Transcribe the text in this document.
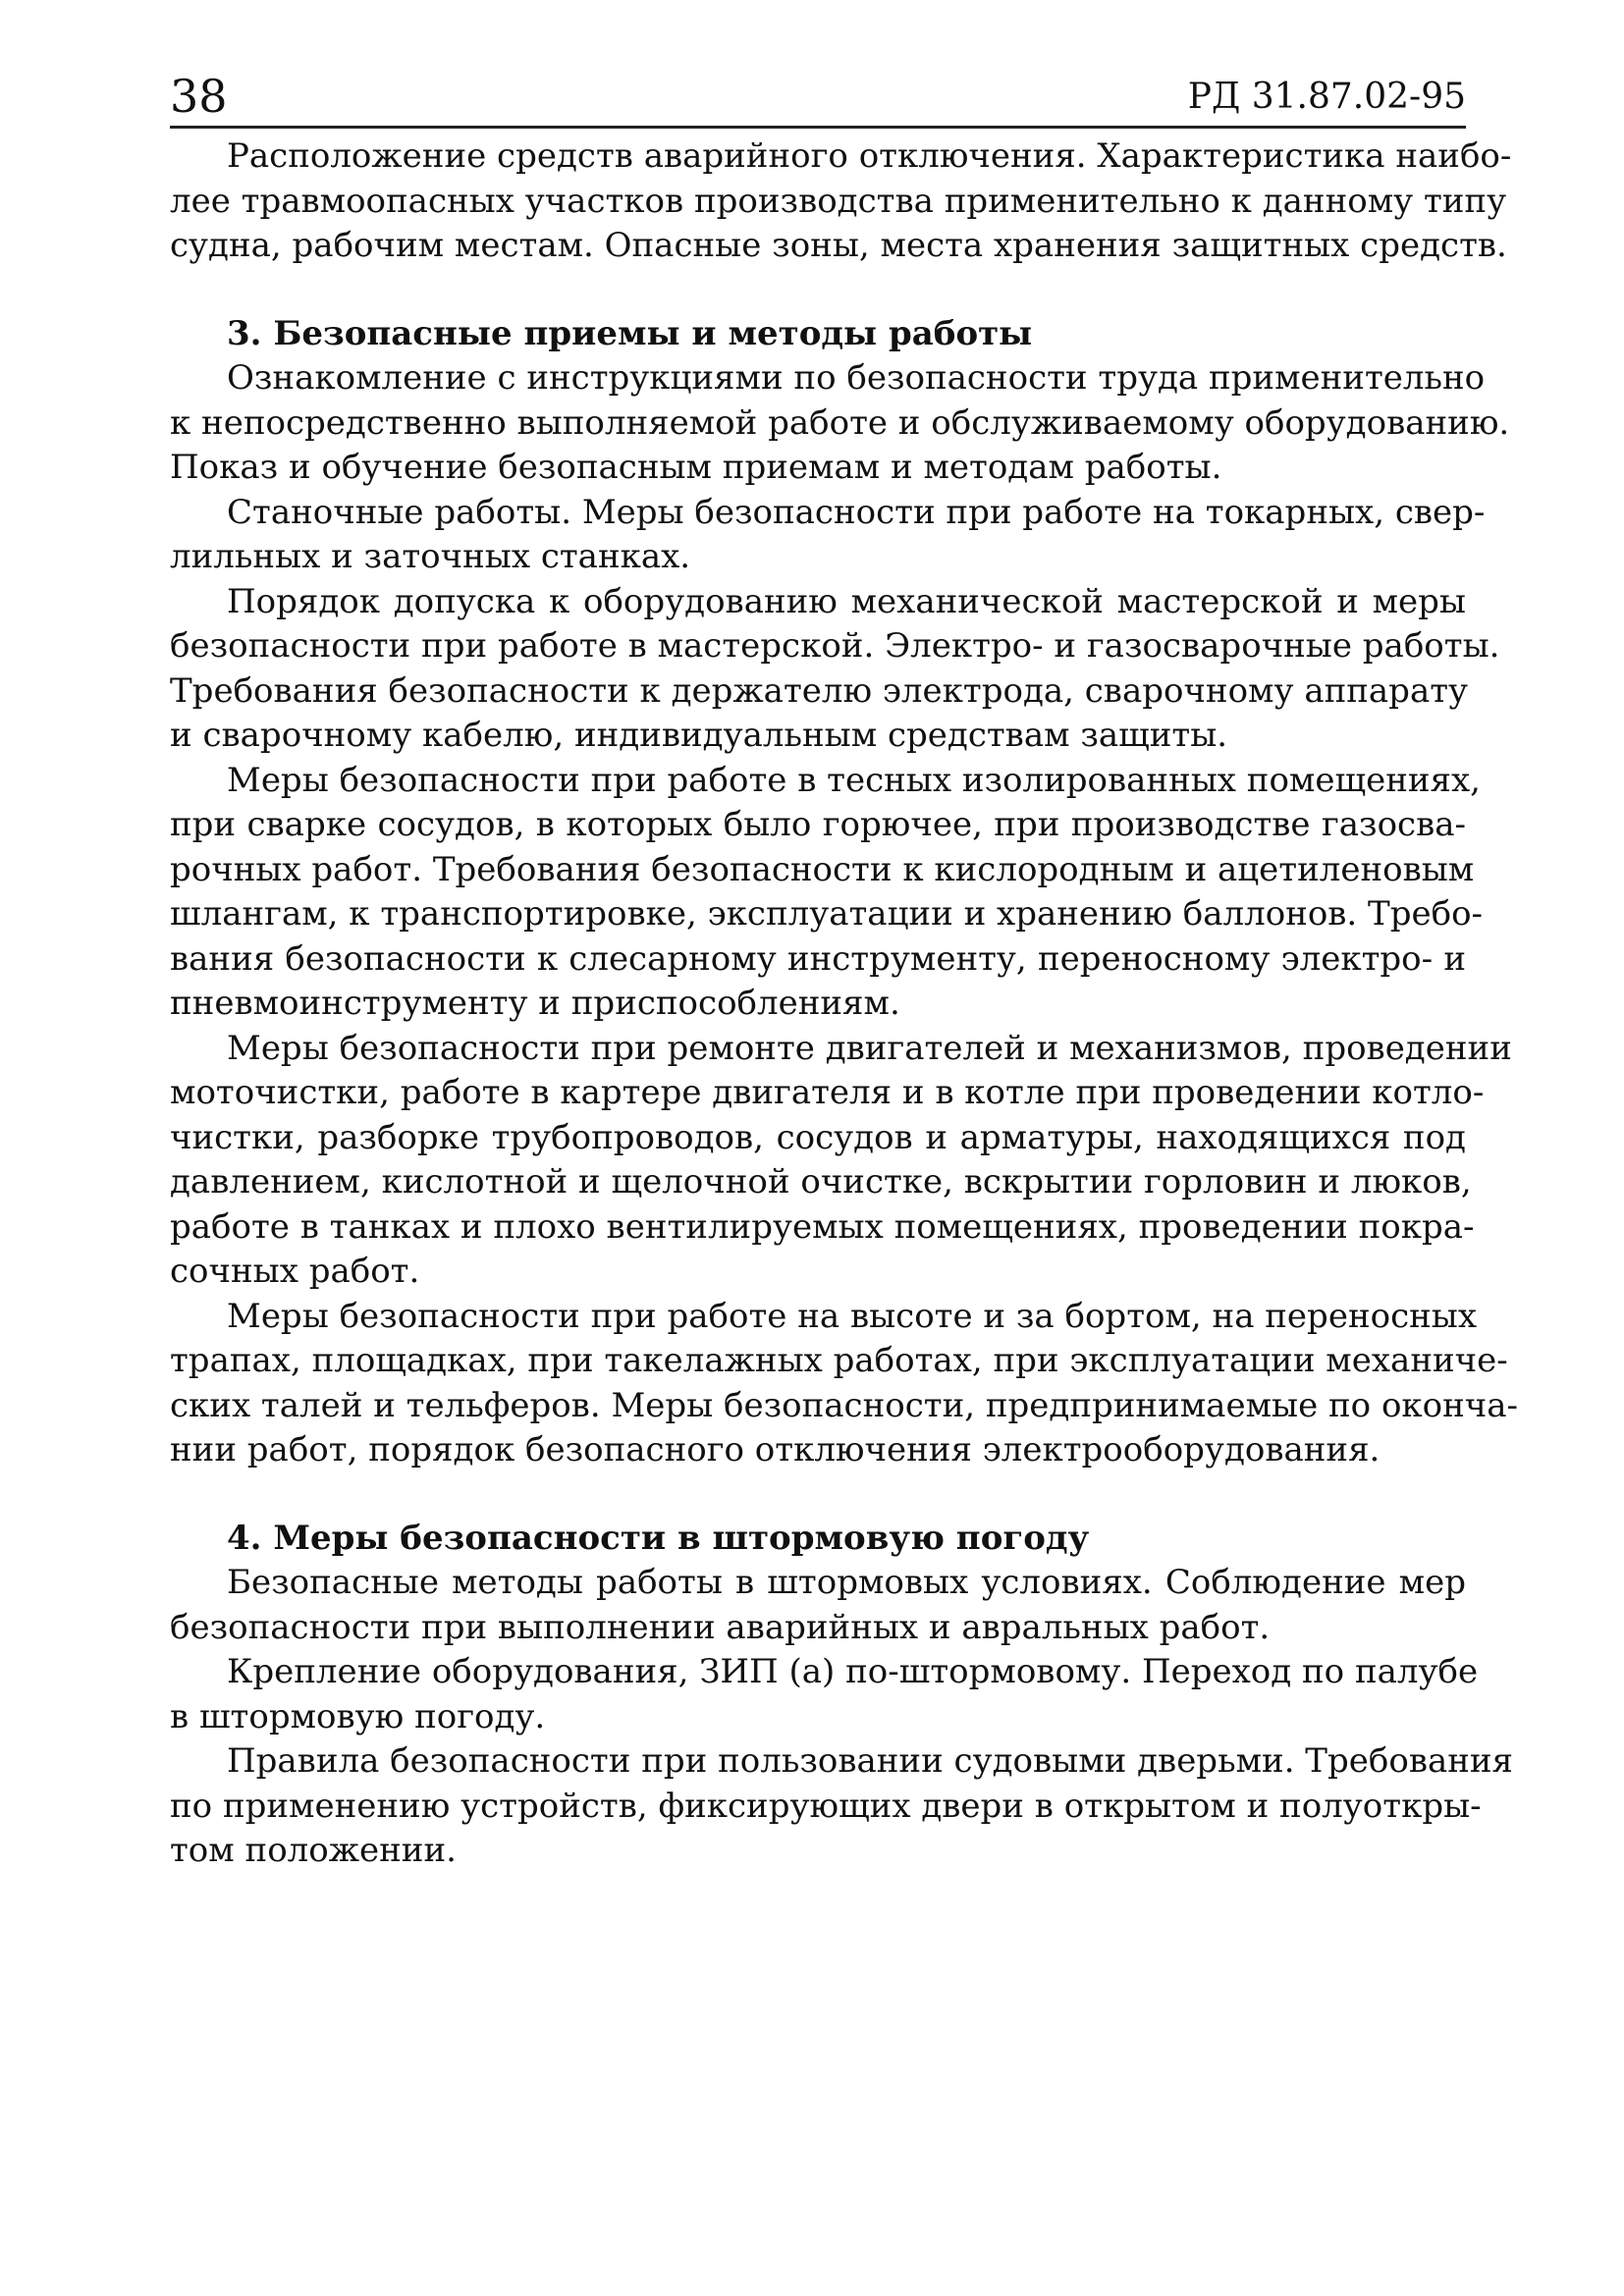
38	РД 31.87.02-95
Расположение средств аварийного отключения. Характеристика наибо-
лее травмоопасных участков производства применительно к данному типу
судна, рабочим местам. Опасные зоны, места хранения защитных средств.
3. Безопасные приемы и методы работы
Ознакомление с инструкциями по безопасности труда применительно
к непосредственно выполняемой работе и обслуживаемому оборудованию.
Показ и обучение безопасным приемам и методам работы.
Станочные работы. Меры безопасности при работе на токарных, свер-
лильных и заточных станках.
Порядок допуска к оборудованию механической мастерской и меры
безопасности при работе в мастерской. Электро- и газосварочные работы.
Требования безопасности к держателю электрода, сварочному аппарату
и сварочному кабелю, индивидуальным средствам защиты.
Меры безопасности при работе в тесных изолированных помещениях,
при сварке сосудов, в которых было горючее, при производстве газосва-
рочных работ. Требования безопасности к кислородным и ацетиленовым
шлангам, к транспортировке, эксплуатации и хранению баллонов. Требо-
вания безопасности к слесарному инструменту, переносному электро- и
пневмоинструменту и приспособлениям.
Меры безопасности при ремонте двигателей и механизмов, проведении
моточистки, работе в картере двигателя и в котле при проведении котло-
чистки, разборке трубопроводов, сосудов и арматуры, находящихся под
давлением, кислотной и щелочной очистке, вскрытии горловин и люков,
работе в танках и плохо вентилируемых помещениях, проведении покра-
сочных работ.
Меры безопасности при работе на высоте и за бортом, на переносных
трапах, площадках, при такелажных работах, при эксплуатации механиче-
ских талей и тельферов. Меры безопасности, предпринимаемые по оконча-
нии работ, порядок безопасного отключения электрооборудования.
4. Меры безопасности в штормовую погоду
Безопасные методы работы в штормовых условиях. Соблюдение мер
безопасности при выполнении аварийных и авральных работ.
Крепление оборудования, ЗИП (а) по-штормовому. Переход по палубе
в штормовую погоду.
Правила безопасности при пользовании судовыми дверьми. Требования
по применению устройств, фиксирующих двери в открытом и полуоткры-
том положении.
